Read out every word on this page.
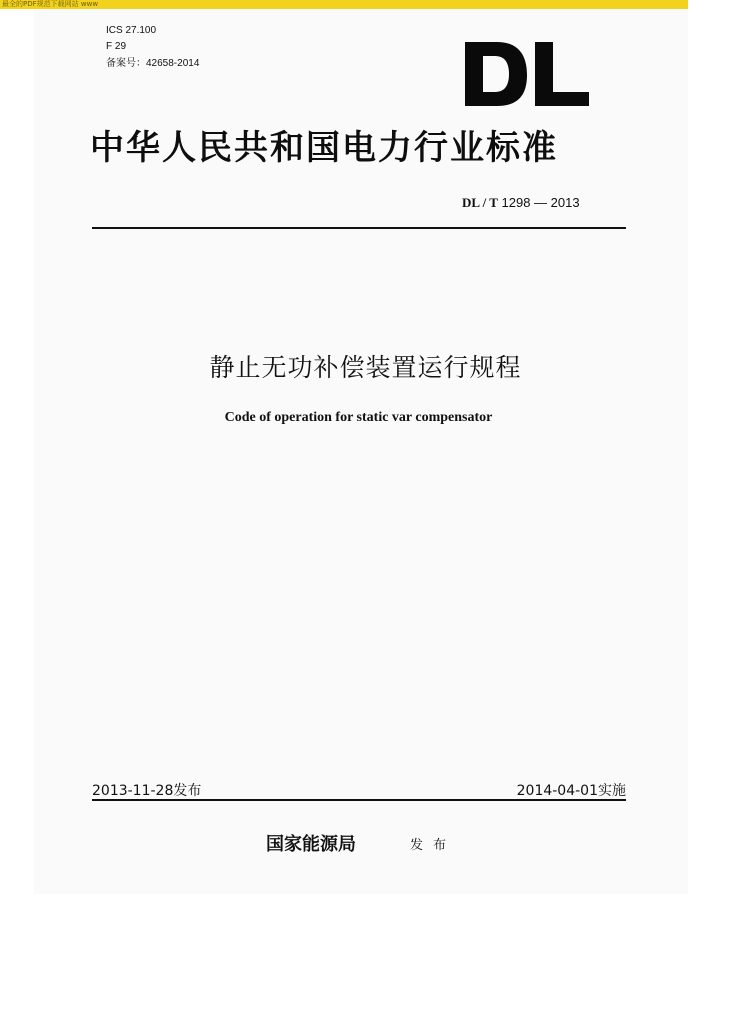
最全的PDF规范下载网站 www
ICS 27.100
F 29
备案号：42658-2014
中华人民共和国电力行业标准
DL / T 1298 — 2013
静止无功补偿装置运行规程
Code of operation for static var compensator
2013-11-28发布	2014-04-01实施
国家能源局	发布
